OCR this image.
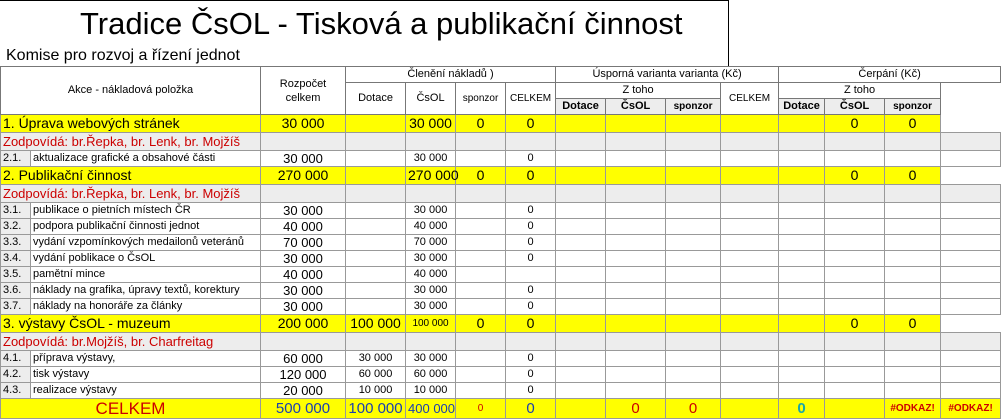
Tradice ČsOL - Tisková a publikační činnost
Komise pro rozvoj a řízení jednot
Akce - nákladová položka		Rozpočet celkem	Členění nákladů )				Úsporná varianta varianta (Kč)				Čerpání (Kč)			
			Dotace	ČsOL	sponzor	CELKEM	Z toho			CELKEM	Z toho			
							Dotace	ČsOL	sponzor		Dotace	ČsOL	sponzor	
1. Úprava webových stránek		30 000		30 000	0	0						0	0	
Zodpovídá: br.Řepka, br. Lenk, br. Mojžíš														
2.1.	aktualizace grafické a obsahové části	30 000		30 000		0								
2. Publikační činnost		270 000		270 000	0	0						0	0	
Zodpovídá: br.Řepka, br. Lenk, br. Mojžíš														
3.1.	publikace o pietních místech ČR	30 000		30 000		0								
3.2.	podpora publikační činnosti jednot	40 000		40 000		0								
3.3.	vydání vzpomínkových medailonů veteránů	70 000		70 000		0								
3.4.	vydání poblikace o ČsOL	30 000		30 000		0								
3.5.	pamětní mince	40 000		40 000										
3.6.	náklady na grafika, úpravy textů, korektury	30 000		30 000		0								
3.7.	náklady na honoráře za články	30 000		30 000		0								
3. výstavy ČsOL - muzeum		200 000	100 000	100 000	0	0						0	0	
Zodpovídá: br.Mojžíš, br. Charfreitag														
4.1.	příprava výstavy,	60 000	30 000	30 000		0								
4.2.	tisk výstavy	120 000	60 000	60 000		0								
4.3.	realizace výstavy	20 000	10 000	10 000		0								
CELKEM		500 000	100 000	400 000	0	0		0	0		0		#ODKAZ!	#ODKAZ!
